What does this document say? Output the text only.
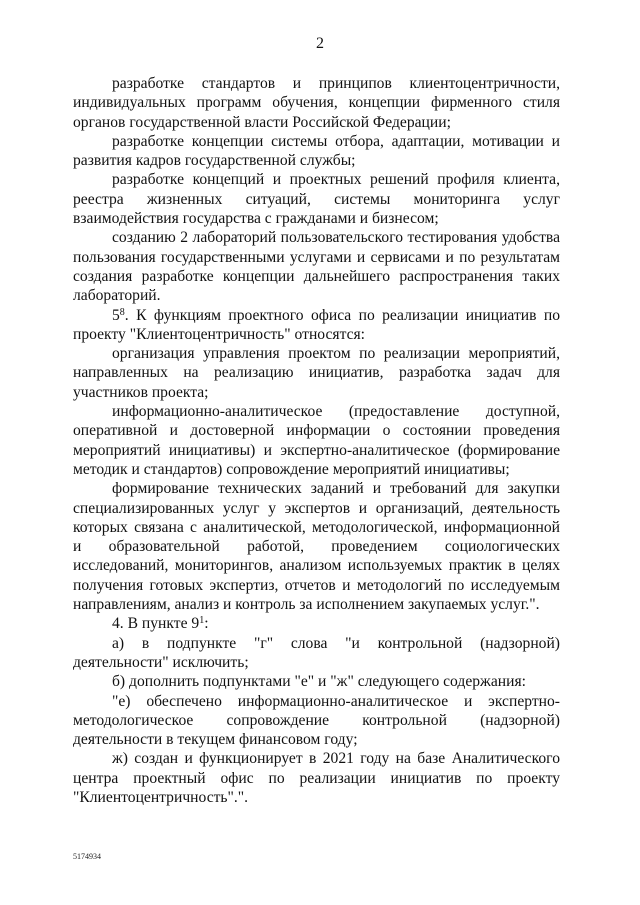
2

разработке стандартов и принципов клиентоцентричности, индивидуальных программ обучения, концепции фирменного стиля органов государственной власти Российской Федерации;

разработке концепции системы отбора, адаптации, мотивации и развития кадров государственной службы;

разработке концепций и проектных решений профиля клиента, реестра жизненных ситуаций, системы мониторинга услуг взаимодействия государства с гражданами и бизнесом;

созданию 2 лабораторий пользовательского тестирования удобства пользования государственными услугами и сервисами и по результатам создания разработке концепции дальнейшего распространения таких лабораторий.

$5^8$. К функциям проектного офиса по реализации инициатив по проекту "Клиентоцентричность" относятся:

организация управления проектом по реализации мероприятий, направленных на реализацию инициатив, разработка задач для участников проекта;

информационно-аналитическое (предоставление доступной, оперативной и достоверной информации о состоянии проведения мероприятий инициативы) и экспертно-аналитическое (формирование методик и стандартов) сопровождение мероприятий инициативы;

формирование технических заданий и требований для закупки специализированных услуг у экспертов и организаций, деятельность которых связана с аналитической, методологической, информационной и образовательной работой, проведением социологических исследований, мониторингов, анализом используемых практик в целях получения готовых экспертиз, отчетов и методологий по исследуемым направлениям, анализ и контроль за исполнением закупаемых услуг.".

4. В пункте $9^1$:

а) в подпункте "г" слова "и контрольной (надзорной) деятельности" исключить;

б) дополнить подпунктами "е" и "ж" следующего содержания:

"е) обеспечено информационно-аналитическое и экспертно-методологическое сопровождение контрольной (надзорной) деятельности в текущем финансовом году;

ж) создан и функционирует в 2021 году на базе Аналитического центра проектный офис по реализации инициатив по проекту "Клиентоцентричность".".

5174934
